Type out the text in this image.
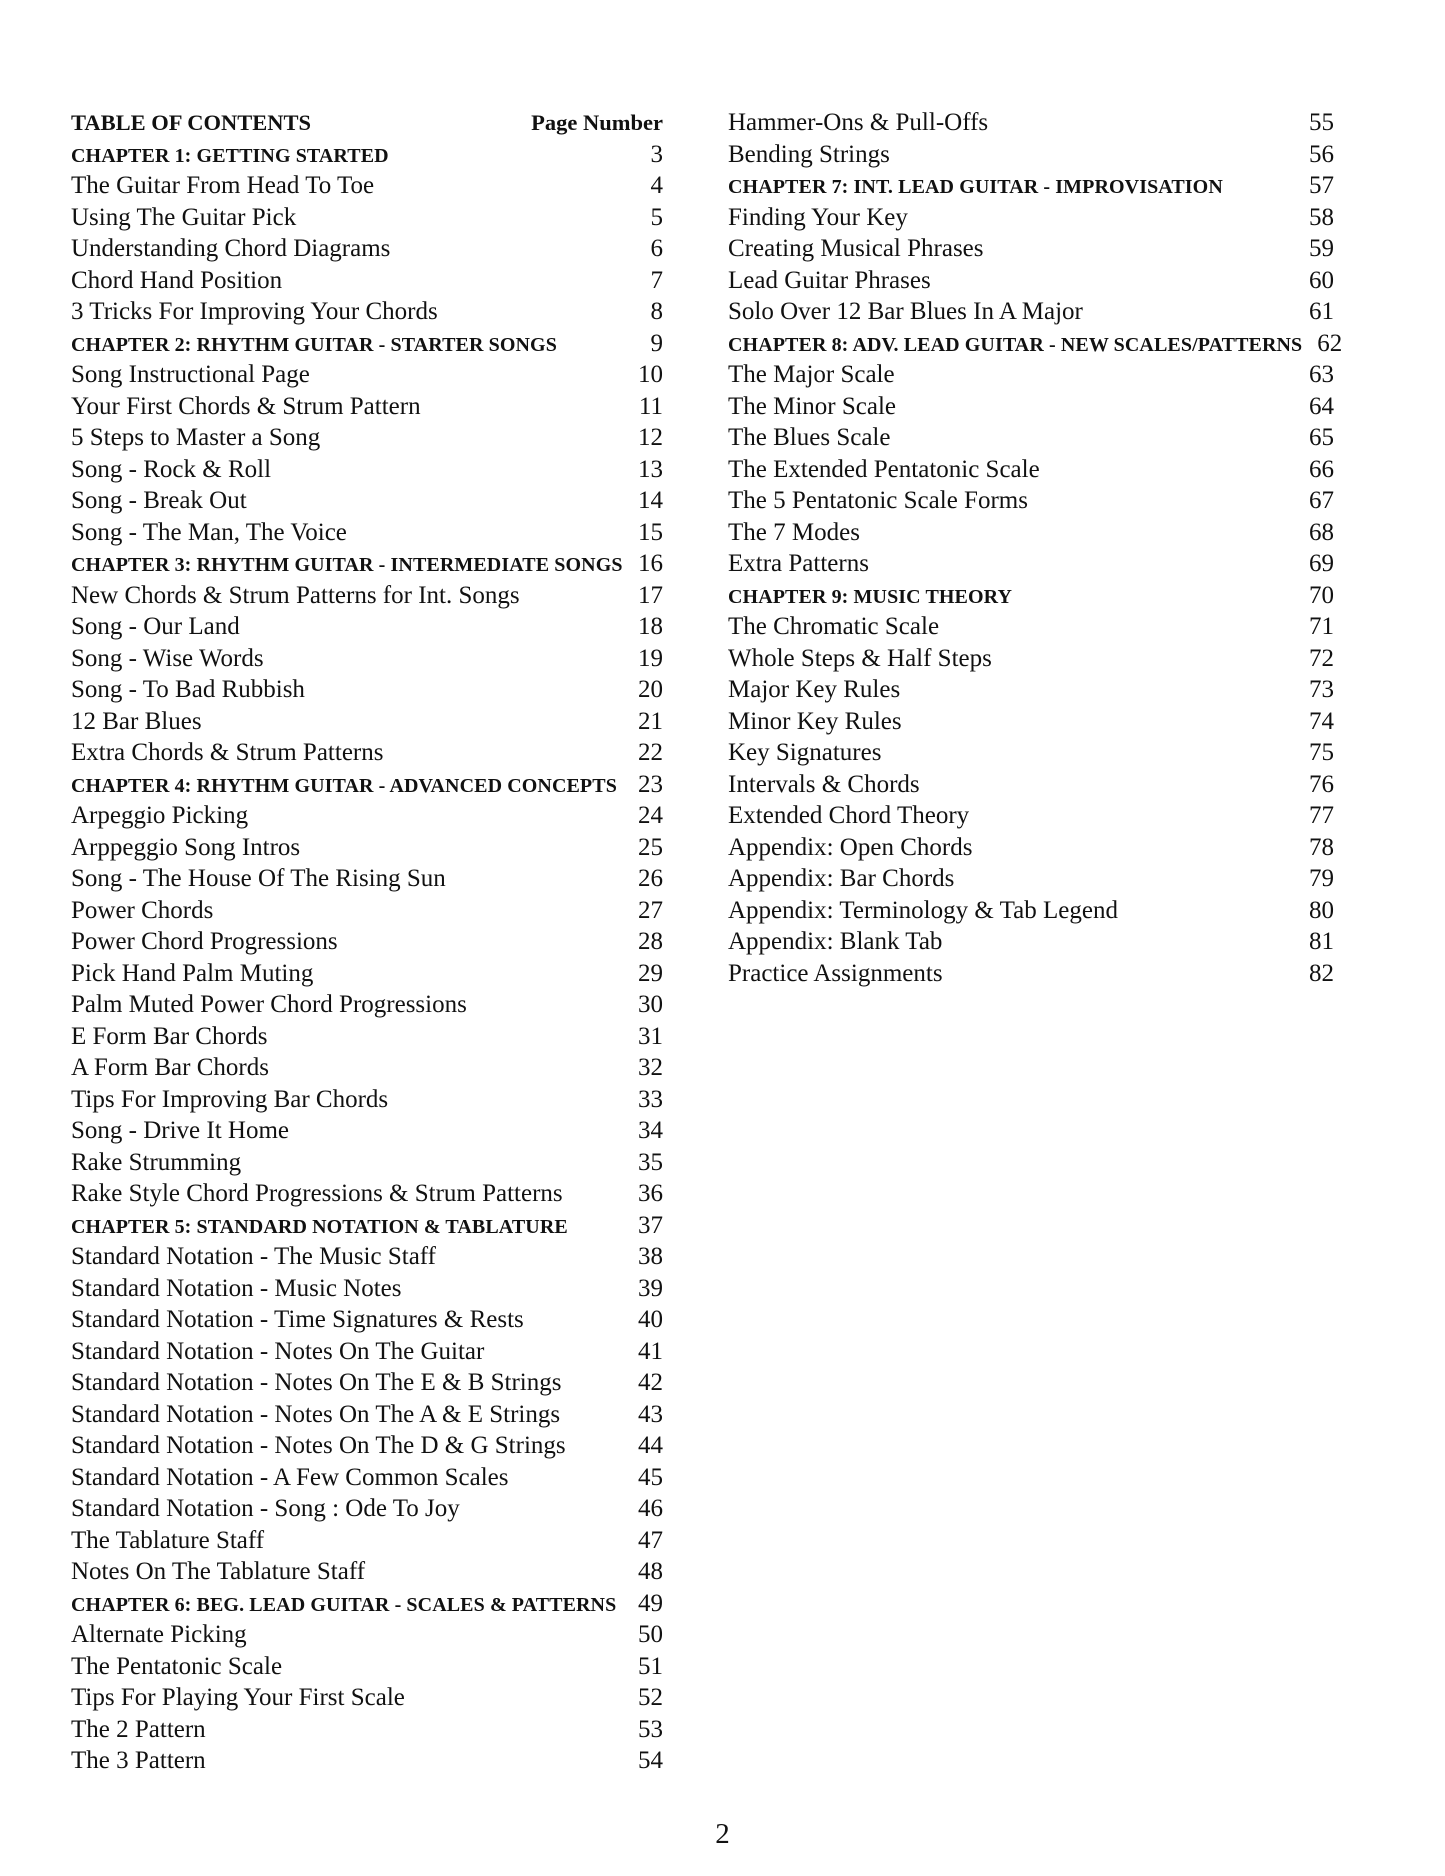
TABLE OF CONTENTS	Page Number
CHAPTER 1: GETTING STARTED	3
The Guitar From Head To Toe	4
Using The Guitar Pick	5
Understanding Chord Diagrams	6
Chord Hand Position	7
3 Tricks For Improving Your Chords	8
CHAPTER 2: RHYTHM GUITAR - STARTER SONGS	9
Song Instructional Page	10
Your First Chords & Strum Pattern	11
5 Steps to Master a Song	12
Song - Rock & Roll	13
Song - Break Out	14
Song - The Man, The Voice	15
CHAPTER 3: RHYTHM GUITAR - INTERMEDIATE SONGS 16
New Chords & Strum Patterns for Int. Songs	17
Song - Our Land	18
Song - Wise Words	19
Song - To Bad Rubbish	20
12 Bar Blues	21
Extra Chords & Strum Patterns	22
CHAPTER 4: RHYTHM GUITAR - ADVANCED CONCEPTS 23
Arpeggio Picking	24
Arppeggio Song Intros	25
Song - The House Of The Rising Sun	26
Power Chords	27
Power Chord Progressions	28
Pick Hand Palm Muting	29
Palm Muted Power Chord Progressions	30
E Form Bar Chords	31
A Form Bar Chords	32
Tips For Improving Bar Chords	33
Song - Drive It Home	34
Rake Strumming	35
Rake Style Chord Progressions & Strum Patterns	36
CHAPTER 5: STANDARD NOTATION & TABLATURE	37
Standard Notation - The Music Staff	38
Standard Notation - Music Notes	39
Standard Notation - Time Signatures & Rests	40
Standard Notation - Notes On The Guitar	41
Standard Notation - Notes On The E & B Strings	42
Standard Notation - Notes On The A & E Strings	43
Standard Notation - Notes On The D & G Strings	44
Standard Notation - A Few Common Scales	45
Standard Notation - Song : Ode To Joy	46
The Tablature Staff	47
Notes On The Tablature Staff	48
CHAPTER 6: BEG. LEAD GUITAR - SCALES & PATTERNS 49
Alternate Picking	50
The Pentatonic Scale	51
Tips For Playing Your First Scale	52
The 2 Pattern	53
The 3 Pattern	54
Hammer-Ons & Pull-Offs	55
Bending Strings	56
CHAPTER 7: INT. LEAD GUITAR - IMPROVISATION	57
Finding Your Key	58
Creating Musical Phrases	59
Lead Guitar Phrases	60
Solo Over 12 Bar Blues In A Major	61
CHAPTER 8: ADV. LEAD GUITAR - NEW SCALES/PATTERNS 62
The Major Scale	63
The Minor Scale	64
The Blues Scale	65
The Extended Pentatonic Scale	66
The 5 Pentatonic Scale Forms	67
The 7 Modes	68
Extra Patterns	69
CHAPTER 9: MUSIC THEORY	70
The Chromatic Scale	71
Whole Steps & Half Steps	72
Major Key Rules	73
Minor Key Rules	74
Key Signatures	75
Intervals & Chords	76
Extended Chord Theory	77
Appendix: Open Chords	78
Appendix: Bar Chords	79
Appendix: Terminology & Tab Legend	80
Appendix: Blank Tab	81
Practice Assignments	82
2
